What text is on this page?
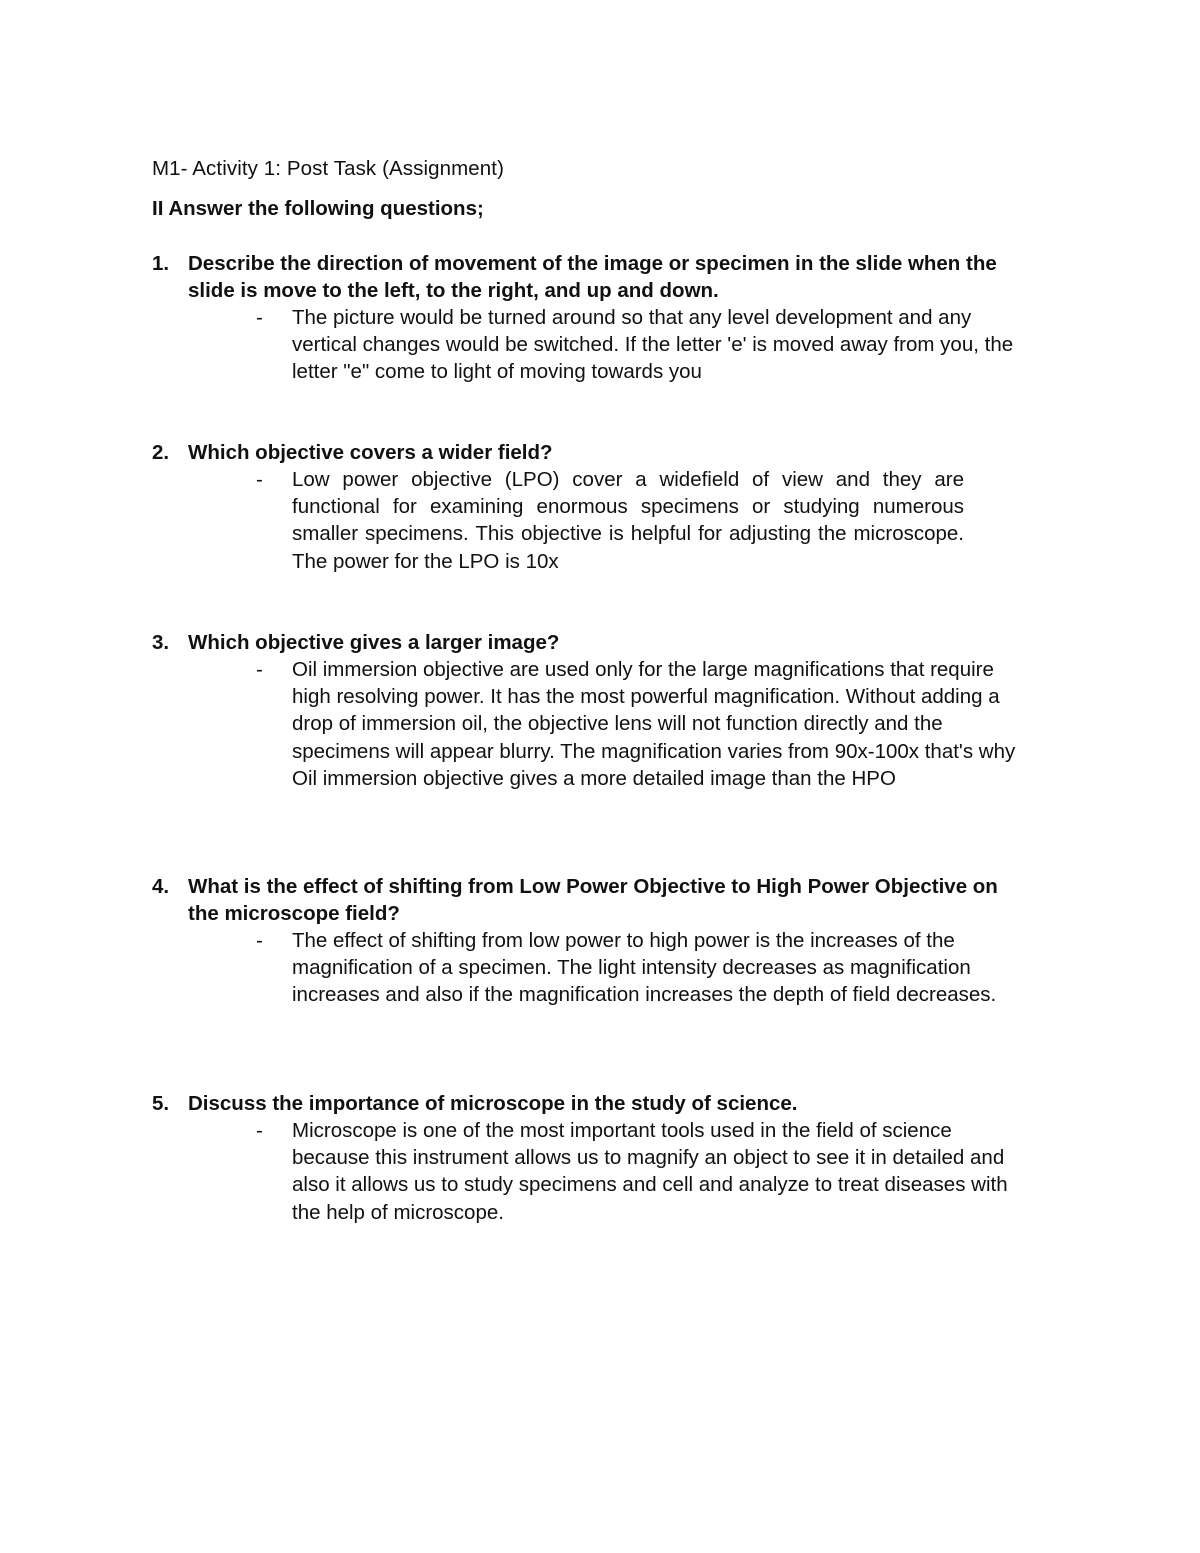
M1- Activity 1: Post Task (Assignment)

II Answer the following questions;

1. Describe the direction of movement of the image or specimen in the slide when the slide is move to the left, to the right, and up and down.

-	The picture would be turned around so that any level development and any vertical changes would be switched. If the letter 'e' is moved away from you, the letter "e" come to light of moving towards you

2. Which objective covers a wider field?

-	Low power objective (LPO) cover a widefield of view and they are functional for examining enormous specimens or studying numerous smaller specimens. This objective is helpful for adjusting the microscope. The power for the LPO is 10x

3. Which objective gives a larger image?

-	Oil immersion objective are used only for the large magnifications that require high resolving power. It has the most powerful magnification. Without adding a drop of immersion oil, the objective lens will not function directly and the specimens will appear blurry. The magnification varies from 90x-100x that's why Oil immersion objective gives a more detailed image than the HPO

4. What is the effect of shifting from Low Power Objective to High Power Objective on the microscope field?

-	The effect of shifting from low power to high power is the increases of the magnification of a specimen. The light intensity decreases as magnification increases and also if the magnification increases the depth of field decreases.

5. Discuss the importance of microscope in the study of science.

-	Microscope is one of the most important tools used in the field of science because this instrument allows us to magnify an object to see it in detailed and also it allows us to study specimens and cell and analyze to treat diseases with the help of microscope.
